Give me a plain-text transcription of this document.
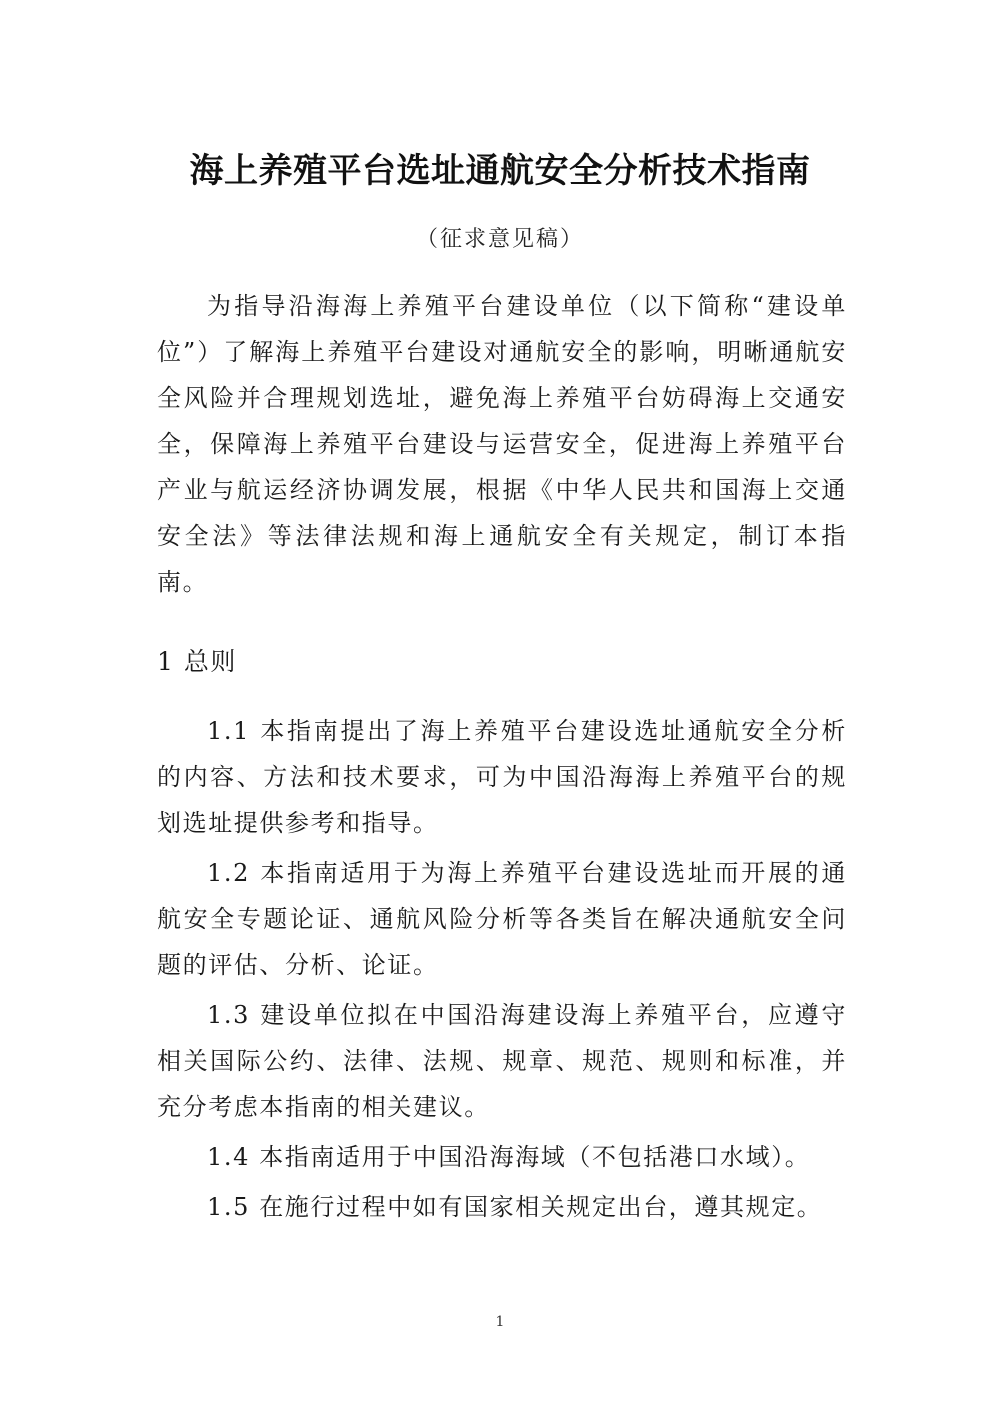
海上养殖平台选址通航安全分析技术指南
（征求意见稿）

为指导沿海海上养殖平台建设单位（以下简称“建设单位”）了解海上养殖平台建设对通航安全的影响，明晰通航安全风险并合理规划选址，避免海上养殖平台妨碍海上交通安全，保障海上养殖平台建设与运营安全，促进海上养殖平台产业与航运经济协调发展，根据《中华人民共和国海上交通安全法》等法律法规和海上通航安全有关规定，制订本指南。

1 总则

1.1 本指南提出了海上养殖平台建设选址通航安全分析的内容、方法和技术要求，可为中国沿海海上养殖平台的规划选址提供参考和指导。

1.2 本指南适用于为海上养殖平台建设选址而开展的通航安全专题论证、通航风险分析等各类旨在解决通航安全问题的评估、分析、论证。

1.3 建设单位拟在中国沿海建设海上养殖平台，应遵守相关国际公约、法律、法规、规章、规范、规则和标准，并充分考虑本指南的相关建议。

1.4 本指南适用于中国沿海海域（不包括港口水域）。

1.5 在施行过程中如有国家相关规定出台，遵其规定。

1
